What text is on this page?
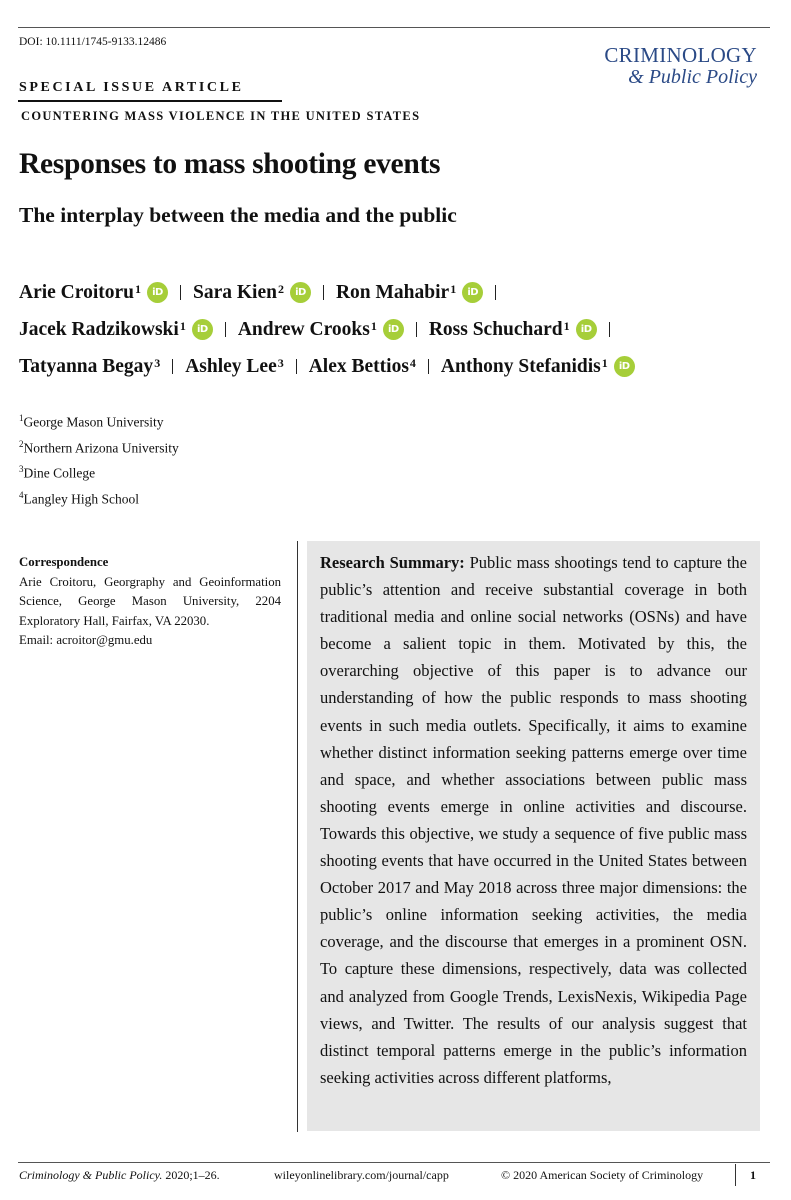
DOI: 10.1111/1745-9133.12486
CRIMINOLOGY
& Public Policy
SPECIAL ISSUE ARTICLE
COUNTERING MASS VIOLENCE IN THE UNITED STATES
Responses to mass shooting events
The interplay between the media and the public
Arie Croitoru$^1$	iD Sara Kien$^2$	iD Ron Mahabir$^1$	iD
Jacek Radzikowski$^1$	iD Andrew Crooks$^1$	iD Ross Schuchard$^1$	iD
Tatyanna Begay$^3$ Ashley Lee$^3$ Alex Bettios$^4$ Anthony Stefanidis$^1$	iD
$^1$George Mason University
$^2$Northern Arizona University
$^3$Dine College
$^4$Langley High School
Correspondence
Arie Croitoru, Georgraphy and Geoinformation Science, George Mason University, 2204 Exploratory Hall, Fairfax, VA 22030.
Email: acroitor@gmu.edu
Research Summary: Public mass shootings tend to capture the public’s attention and receive substantial coverage in both traditional media and online social networks (OSNs) and have become a salient topic in them. Motivated by this, the overarching objective of this paper is to advance our understanding of how the public responds to mass shooting events in such media outlets. Specifically, it aims to examine whether distinct information seeking patterns emerge over time and space, and whether associations between public mass shooting events emerge in online activities and discourse. Towards this objective, we study a sequence of five public mass shooting events that have occurred in the United States between October 2017 and May 2018 across three major dimensions: the public’s online information seeking activities, the media coverage, and the discourse that emerges in a prominent OSN. To capture these dimensions, respectively, data was collected and analyzed from Google Trends, LexisNexis, Wikipedia Page views, and Twitter. The results of our analysis suggest that distinct temporal patterns emerge in the public’s information seeking activities across different platforms,
Criminology & Public Policy. 2020;1–26.	wileyonlinelibrary.com/journal/capp	© 2020 American Society of Criminology	1
